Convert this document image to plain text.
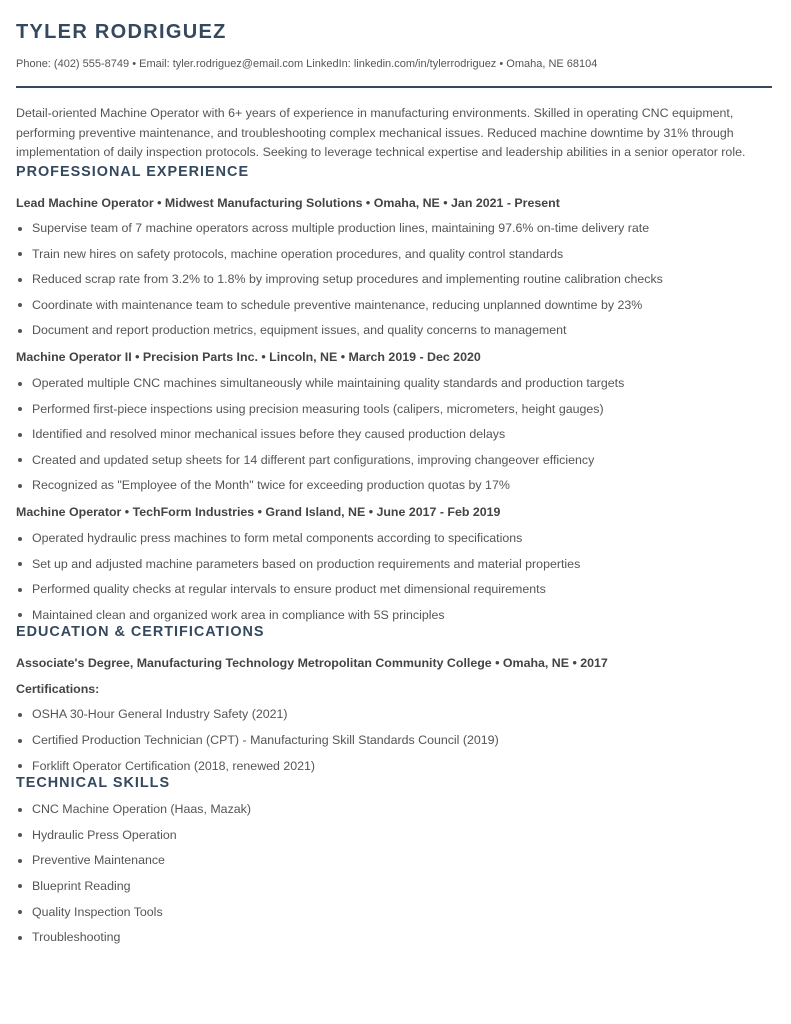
TYLER RODRIGUEZ
Phone: (402) 555-8749 • Email: tyler.rodriguez@email.com LinkedIn: linkedin.com/in/tylerrodriguez • Omaha, NE 68104
Detail-oriented Machine Operator with 6+ years of experience in manufacturing environments. Skilled in operating CNC equipment, performing preventive maintenance, and troubleshooting complex mechanical issues. Reduced machine downtime by 31% through implementation of daily inspection protocols. Seeking to leverage technical expertise and leadership abilities in a senior operator role.
PROFESSIONAL EXPERIENCE
Lead Machine Operator • Midwest Manufacturing Solutions • Omaha, NE • Jan 2021 - Present
Supervise team of 7 machine operators across multiple production lines, maintaining 97.6% on-time delivery rate
Train new hires on safety protocols, machine operation procedures, and quality control standards
Reduced scrap rate from 3.2% to 1.8% by improving setup procedures and implementing routine calibration checks
Coordinate with maintenance team to schedule preventive maintenance, reducing unplanned downtime by 23%
Document and report production metrics, equipment issues, and quality concerns to management
Machine Operator II • Precision Parts Inc. • Lincoln, NE • March 2019 - Dec 2020
Operated multiple CNC machines simultaneously while maintaining quality standards and production targets
Performed first-piece inspections using precision measuring tools (calipers, micrometers, height gauges)
Identified and resolved minor mechanical issues before they caused production delays
Created and updated setup sheets for 14 different part configurations, improving changeover efficiency
Recognized as "Employee of the Month" twice for exceeding production quotas by 17%
Machine Operator • TechForm Industries • Grand Island, NE • June 2017 - Feb 2019
Operated hydraulic press machines to form metal components according to specifications
Set up and adjusted machine parameters based on production requirements and material properties
Performed quality checks at regular intervals to ensure product met dimensional requirements
Maintained clean and organized work area in compliance with 5S principles
EDUCATION & CERTIFICATIONS
Associate's Degree, Manufacturing Technology Metropolitan Community College • Omaha, NE • 2017
Certifications:
OSHA 30-Hour General Industry Safety (2021)
Certified Production Technician (CPT) - Manufacturing Skill Standards Council (2019)
Forklift Operator Certification (2018, renewed 2021)
TECHNICAL SKILLS
CNC Machine Operation (Haas, Mazak)
Hydraulic Press Operation
Preventive Maintenance
Blueprint Reading
Quality Inspection Tools
Troubleshooting
